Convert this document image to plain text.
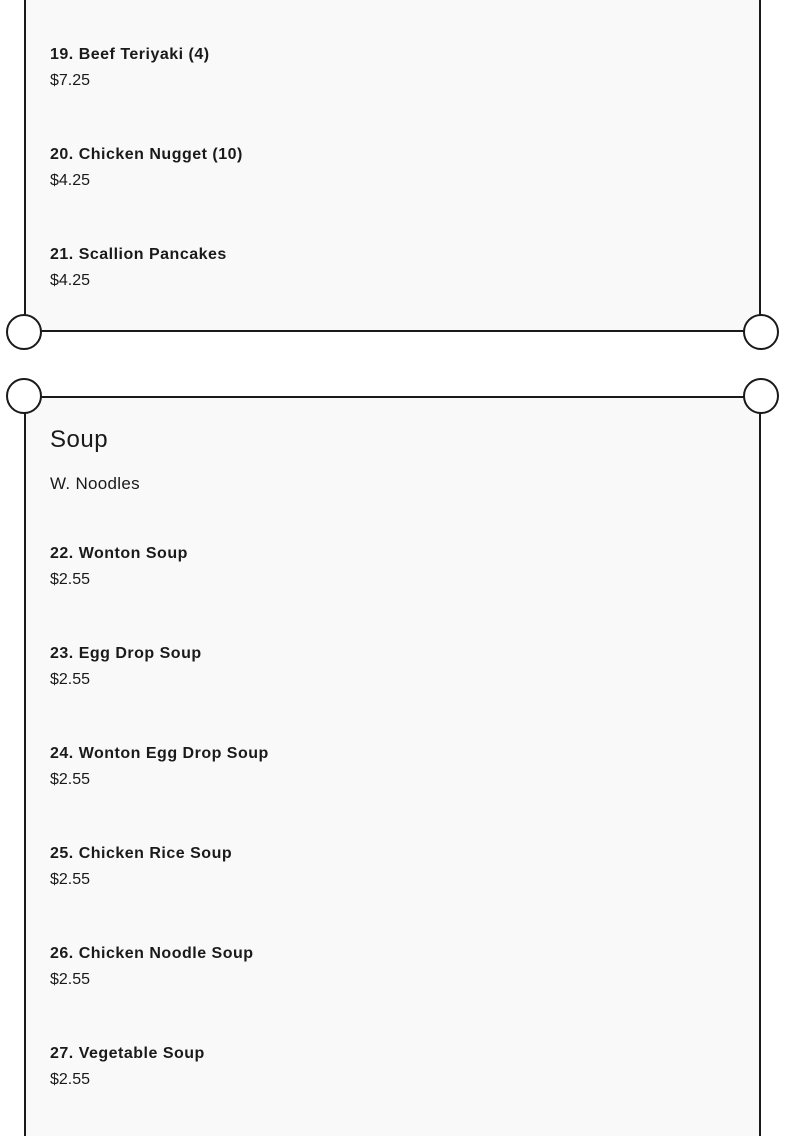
19. Beef Teriyaki (4)
$7.25
20. Chicken Nugget (10)
$4.25
21. Scallion Pancakes
$4.25
Soup
W. Noodles
22. Wonton Soup
$2.55
23. Egg Drop Soup
$2.55
24. Wonton Egg Drop Soup
$2.55
25. Chicken Rice Soup
$2.55
26. Chicken Noodle Soup
$2.55
27. Vegetable Soup
$2.55
